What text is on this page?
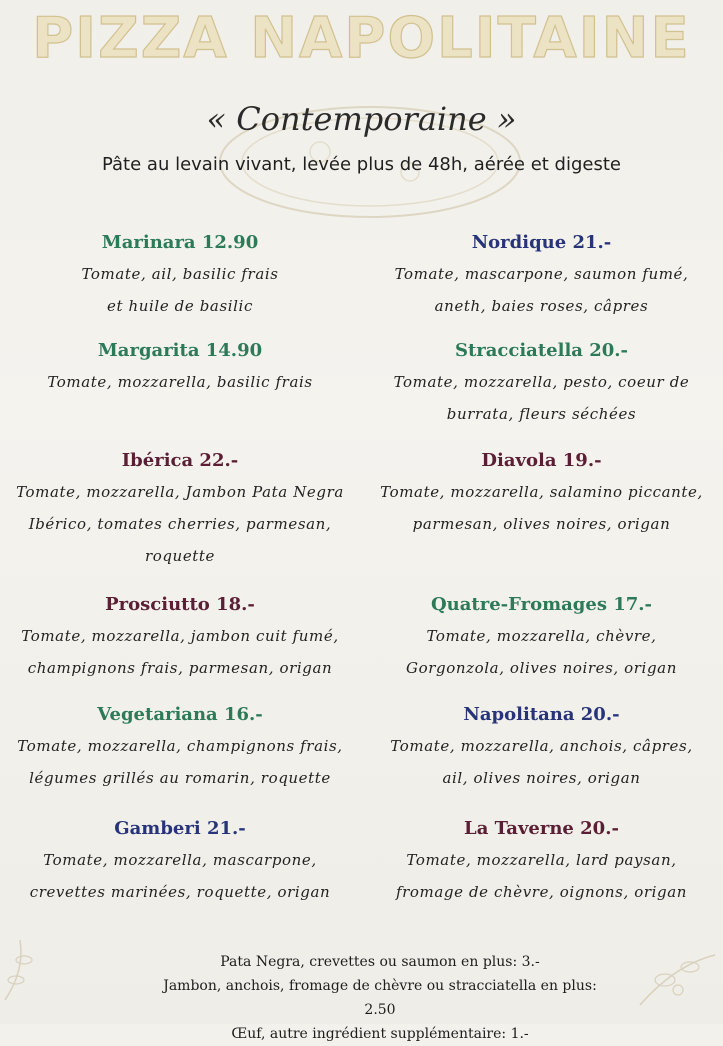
PIZZA NAPOLITAINE
« Contemporaine »
Pâte au levain vivant, levée plus de 48h, aérée et digeste
Marinara 12.90
Tomate, ail, basilic frais
et huile de basilic
Margarita 14.90
Tomate, mozzarella, basilic frais
Ibérica 22.-
Tomate, mozzarella, Jambon Pata Negra
Ibérico, tomates cherries, parmesan,
roquette
Prosciutto 18.-
Tomate, mozzarella, jambon cuit fumé,
champignons frais, parmesan, origan
Vegetariana 16.-
Tomate, mozzarella, champignons frais,
légumes grillés au romarin, roquette
Gamberi 21.-
Tomate, mozzarella, mascarpone,
crevettes marinées, roquette, origan
Nordique 21.-
Tomate, mascarpone, saumon fumé,
aneth, baies roses, câpres
Stracciatella 20.-
Tomate, mozzarella, pesto, coeur de
burrata, fleurs séchées
Diavola 19.-
Tomate, mozzarella, salamino piccante,
parmesan, olives noires, origan
Quatre-Fromages 17.-
Tomate, mozzarella, chèvre,
Gorgonzola, olives noires, origan
Napolitana 20.-
Tomate, mozzarella, anchois, câpres,
ail, olives noires, origan
La Taverne 20.-
Tomate, mozzarella, lard paysan,
fromage de chèvre, oignons, origan
Pata Negra, crevettes ou saumon en plus: 3.-
Jambon, anchois, fromage de chèvre ou stracciatella en plus: 2.50
Œuf, autre ingrédient supplémentaire: 1.-
